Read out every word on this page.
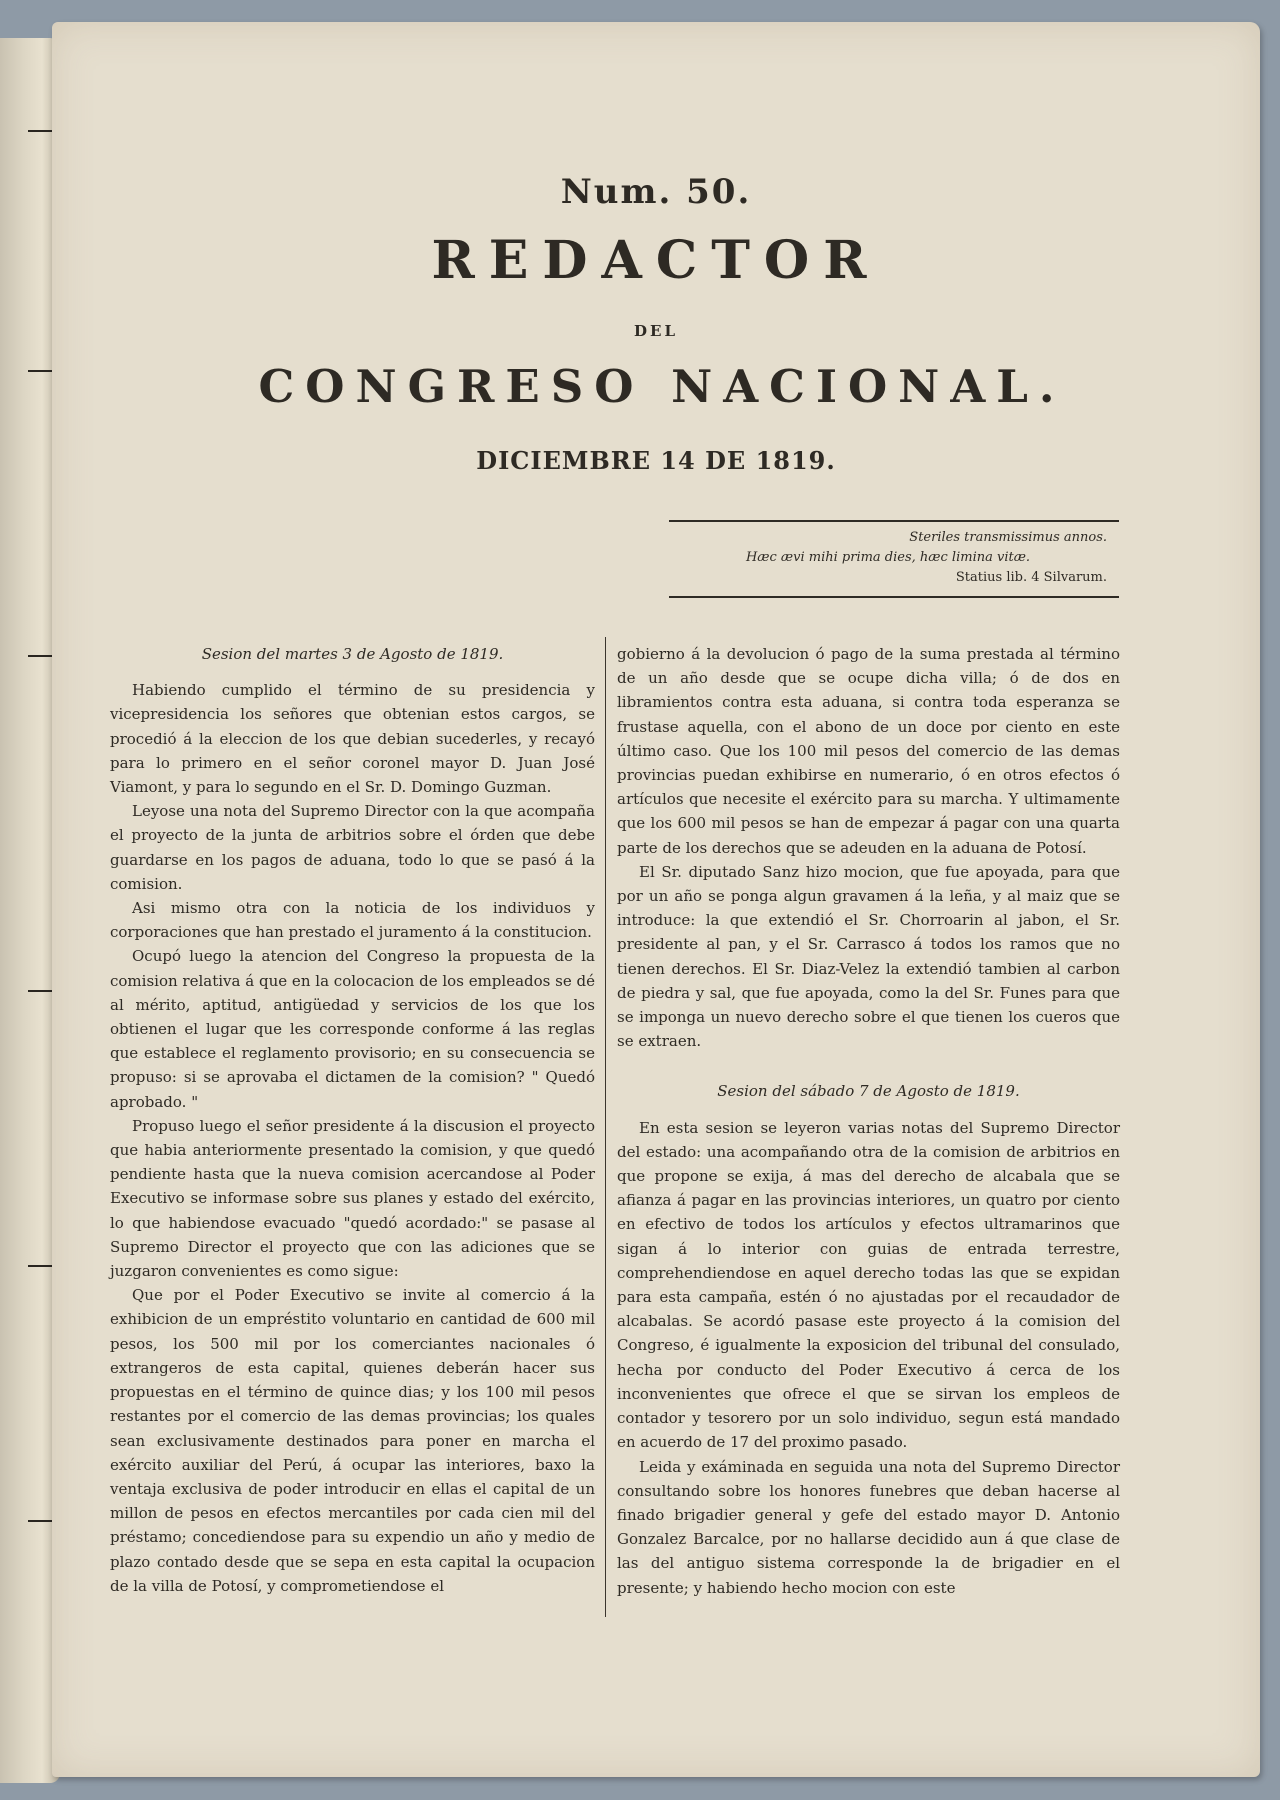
Num. 50.
REDACTOR
DEL
CONGRESO NACIONAL.
DICIEMBRE 14 DE 1819.
Steriles transmissimus annos.
Hæc ævi mihi prima dies, hæc limina vitæ.
Statius lib. 4 Silvarum.
Sesion del martes 3 de Agosto de 1819.

Habiendo cumplido el término de su presidencia y vicepresidencia los señores que obtenian estos cargos, se procedió á la eleccion de los que debian sucederles, y recayó para lo primero en el señor coronel mayor D. Juan José Viamont, y para lo segundo en el Sr. D. Domingo Guzman.

Leyose una nota del Supremo Director con la que acompaña el proyecto de la junta de arbitrios sobre el órden que debe guardarse en los pagos de aduana, todo lo que se pasó á la comision.

Asi mismo otra con la noticia de los individuos y corporaciones que han prestado el juramento á la constitucion.

Ocupó luego la atencion del Congreso la propuesta de la comision relativa á que en la colocacion de los empleados se dé al mérito, aptitud, antigüedad y servicios de los que los obtienen el lugar que les corresponde conforme á las reglas que establece el reglamento provisorio; en su consecuencia se propuso: si se aprovaba el dictamen de la comision? " Quedó aprobado. "

Propuso luego el señor presidente á la discusion el proyecto que habia anteriormente presentado la comision, y que quedó pendiente hasta que la nueva comision acercandose al Poder Executivo se informase sobre sus planes y estado del exército, lo que habiendose evacuado "quedó acordado:" se pasase al Supremo Director el proyecto que con las adiciones que se juzgaron convenientes es como sigue:

Que por el Poder Executivo se invite al comercio á la exhibicion de un empréstito voluntario en cantidad de 600 mil pesos, los 500 mil por los comerciantes nacionales ó extrangeros de esta capital, quienes deberán hacer sus propuestas en el término de quince dias; y los 100 mil pesos restantes por el comercio de las demas provincias; los quales sean exclusivamente destinados para poner en marcha el exército auxiliar del Perú, á ocupar las interiores, baxo la ventaja exclusiva de poder introducir en ellas el capital de un millon de pesos en efectos mercantiles por cada cien mil del préstamo; concediendose para su expendio un año y medio de plazo contado desde que se sepa en esta capital la ocupacion de la villa de Potosí, y comprometiendose el

gobierno á la devolucion ó pago de la suma prestada al término de un año desde que se ocupe dicha villa; ó de dos en libramientos contra esta aduana, si contra toda esperanza se frustase aquella, con el abono de un doce por ciento en este último caso. Que los 100 mil pesos del comercio de las demas provincias puedan exhibirse en numerario, ó en otros efectos ó artículos que necesite el exército para su marcha. Y ultimamente que los 600 mil pesos se han de empezar á pagar con una quarta parte de los derechos que se adeuden en la aduana de Potosí.

El Sr. diputado Sanz hizo mocion, que fue apoyada, para que por un año se ponga algun gravamen á la leña, y al maiz que se introduce: la que extendió el Sr. Chorroarin al jabon, el Sr. presidente al pan, y el Sr. Carrasco á todos los ramos que no tienen derechos. El Sr. Diaz-Velez la extendió tambien al carbon de piedra y sal, que fue apoyada, como la del Sr. Funes para que se imponga un nuevo derecho sobre el que tienen los cueros que se extraen.

Sesion del sábado 7 de Agosto de 1819.

En esta sesion se leyeron varias notas del Supremo Director del estado: una acompañando otra de la comision de arbitrios en que propone se exija, á mas del derecho de alcabala que se afianza á pagar en las provincias interiores, un quatro por ciento en efectivo de todos los artículos y efectos ultramarinos que sigan á lo interior con guias de entrada terrestre, comprehendiendose en aquel derecho todas las que se expidan para esta campaña, estén ó no ajustadas por el recaudador de alcabalas. Se acordó pasase este proyecto á la comision del Congreso, é igualmente la exposicion del tribunal del consulado, hecha por conducto del Poder Executivo á cerca de los inconvenientes que ofrece el que se sirvan los empleos de contador y tesorero por un solo individuo, segun está mandado en acuerdo de 17 del proximo pasado.

Leida y exáminada en seguida una nota del Supremo Director consultando sobre los honores funebres que deban hacerse al finado brigadier general y gefe del estado mayor D. Antonio Gonzalez Barcalce, por no hallarse decidido aun á que clase de las del antiguo sistema corresponde la de brigadier en el presente; y habiendo hecho mocion con este
